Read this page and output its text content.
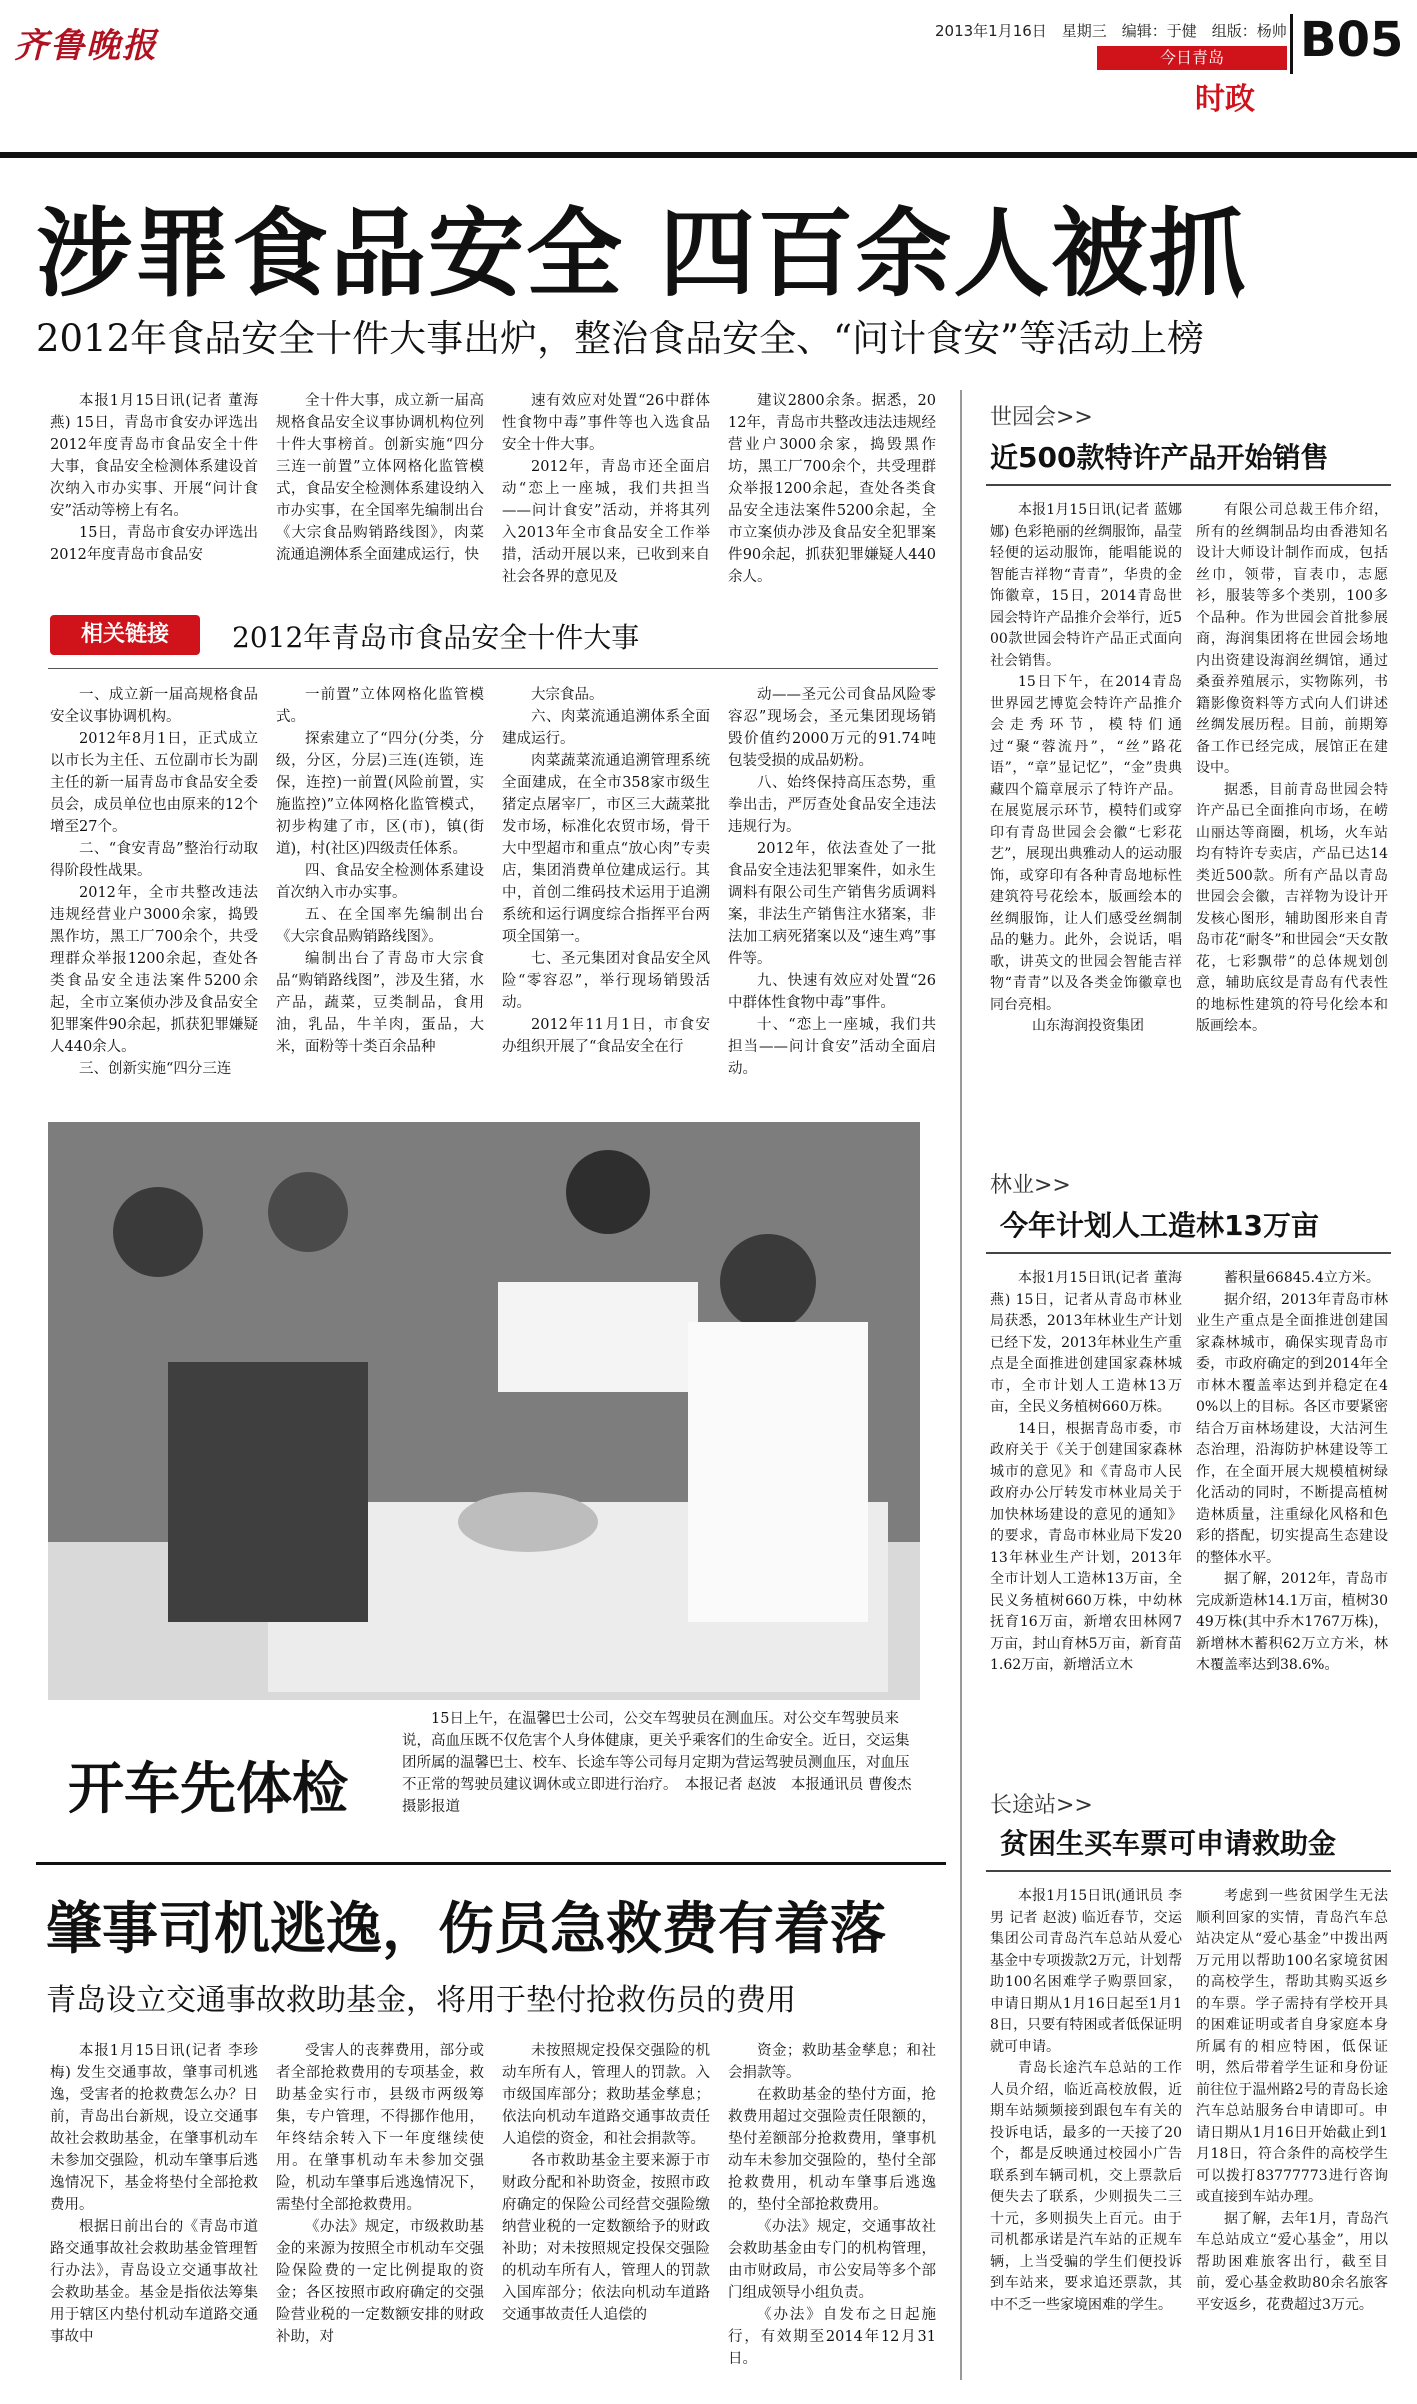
齐鲁晚报	2013年1月16日　星期三　编辑：于健　组版：杨帅
今日青岛
时政
B05
涉罪食品安全 四百余人被抓
2012年食品安全十件大事出炉，整治食品安全、“问计食安”等活动上榜

本报1月15日讯(记者 董海燕) 15日，青岛市食安办评选出2012年度青岛市食品安全十件大事，食品安全检测体系建设首次纳入市办实事、开展“问计食安”活动等榜上有名。

15日，青岛市食安办评选出2012年度青岛市食品安

全十件大事，成立新一届高规格食品安全议事协调机构位列十件大事榜首。创新实施“四分三连一前置”立体网格化监管模式，食品安全检测体系建设纳入市办实事，在全国率先编制出台《大宗食品购销路线图》，肉菜流通追溯体系全面建成运行，快

速有效应对处置“26中群体性食物中毒”事件等也入选食品安全十件大事。

2012年，青岛市还全面启动“恋上一座城，我们共担当——问计食安”活动，并将其列入2013年全市食品安全工作举措，活动开展以来，已收到来自社会各界的意见及

建议2800余条。据悉，2012年，青岛市共整改违法违规经营业户3000余家，捣毁黑作坊，黑工厂700余个，共受理群众举报1200余起，查处各类食品安全违法案件5200余起，全市立案侦办涉及食品安全犯罪案件90余起，抓获犯罪嫌疑人440余人。

相关链接	2012年青岛市食品安全十件大事

一、成立新一届高规格食品安全议事协调机构。

2012年8月1日，正式成立以市长为主任、五位副市长为副主任的新一届青岛市食品安全委员会，成员单位也由原来的12个增至27个。

二、“食安青岛”整治行动取得阶段性战果。

2012年，全市共整改违法违规经营业户3000余家，捣毁黑作坊，黑工厂700余个，共受理群众举报1200余起，查处各类食品安全违法案件5200余起，全市立案侦办涉及食品安全犯罪案件90余起，抓获犯罪嫌疑人440余人。

三、创新实施“四分三连

一前置”立体网格化监管模式。

探索建立了“四分(分类，分级，分区，分层)三连(连锁，连保，连控)一前置(风险前置，实施监控)”立体网格化监管模式，初步构建了市，区(市)，镇(街道)，村(社区)四级责任体系。

四、食品安全检测体系建设首次纳入市办实事。

五、在全国率先编制出台《大宗食品购销路线图》。

编制出台了青岛市大宗食品“购销路线图”，涉及生猪，水产品，蔬菜，豆类制品，食用油，乳品，牛羊肉，蛋品，大米，面粉等十类百余品种

大宗食品。

六、肉菜流通追溯体系全面建成运行。

肉菜蔬菜流通追溯管理系统全面建成，在全市358家市级生猪定点屠宰厂，市区三大蔬菜批发市场，标准化农贸市场，骨干大中型超市和重点“放心肉”专卖店，集团消费单位建成运行。其中，首创二维码技术运用于追溯系统和运行调度综合指挥平台两项全国第一。

七、圣元集团对食品安全风险“零容忍”，举行现场销毁活动。

2012年11月1日，市食安办组织开展了“食品安全在行

动——圣元公司食品风险零容忍”现场会，圣元集团现场销毁价值约2000万元的91.74吨包装受损的成品奶粉。

八、始终保持高压态势，重拳出击，严厉查处食品安全违法违规行为。

2012年，依法查处了一批食品安全违法犯罪案件，如永生调料有限公司生产销售劣质调料案，非法生产销售注水猪案，非法加工病死猪案以及“速生鸡”事件等。

九、快速有效应对处置“26中群体性食物中毒”事件。

十、“恋上一座城，我们共担当——问计食安”活动全面启动。

开车先体检
15日上午，在温馨巴士公司，公交车驾驶员在测血压。对公交车驾驶员来说，高血压既不仅危害个人身体健康，更关乎乘客们的生命安全。近日，交运集团所属的温馨巴士、校车、长途车等公司每月定期为营运驾驶员测血压，对血压不正常的驾驶员建议调休或立即进行治疗。　本报记者 赵波　本报通讯员 曹俊杰　摄影报道
肇事司机逃逸，伤员急救费有着落
青岛设立交通事故救助基金，将用于垫付抢救伤员的费用

本报1月15日讯(记者 李珍梅) 发生交通事故，肇事司机逃逸，受害者的抢救费怎么办？日前，青岛出台新规，设立交通事故社会救助基金，在肇事机动车未参加交强险，机动车肇事后逃逸情况下，基金将垫付全部抢救费用。

根据日前出台的《青岛市道路交通事故社会救助基金管理暂行办法》，青岛设立交通事故社会救助基金。基金是指依法筹集用于辖区内垫付机动车道路交通事故中

受害人的丧葬费用，部分或者全部抢救费用的专项基金，救助基金实行市，县级市两级筹集，专户管理，不得挪作他用，年终结余转入下一年度继续使用。在肇事机动车未参加交强险，机动车肇事后逃逸情况下，需垫付全部抢救费用。

《办法》规定，市级救助基金的来源为按照全市机动车交强险保险费的一定比例提取的资金；各区按照市政府确定的交强险营业税的一定数额安排的财政补助，对

未按照规定投保交强险的机动车所有人，管理人的罚款。入市级国库部分；救助基金孳息；依法向机动车道路交通事故责任人追偿的资金，和社会捐款等。

各市救助基金主要来源于市财政分配和补助资金，按照市政府确定的保险公司经营交强险缴纳营业税的一定数额给予的财政补助；对未按照规定投保交强险的机动车所有人，管理人的罚款入国库部分；依法向机动车道路交通事故责任人追偿的

资金；救助基金孳息；和社会捐款等。

在救助基金的垫付方面，抢救费用超过交强险责任限额的，垫付差额部分抢救费用，肇事机动车未参加交强险的，垫付全部抢救费用，机动车肇事后逃逸的，垫付全部抢救费用。

《办法》规定，交通事故社会救助基金由专门的机构管理，由市财政局，市公安局等多个部门组成领导小组负责。

《办法》自发布之日起施行，有效期至2014年12月31日。

世园会>>
近500款特许产品开始销售

本报1月15日讯(记者 蓝娜娜) 色彩艳丽的丝绸服饰，晶莹轻便的运动服饰，能唱能说的智能吉祥物“青青”，华贵的金饰徽章，15日，2014青岛世园会特许产品推介会举行，近500款世园会特许产品正式面向社会销售。

15日下午，在2014青岛世界园艺博览会特许产品推介会走秀环节，模特们通过“聚“蓉流丹”，“丝”路花语”，“章”显记忆”，“金”贵典藏四个篇章展示了特许产品。在展览展示环节，模特们或穿印有青岛世园会会徽“七彩花艺”，展现出典雅动人的运动服饰，或穿印有各种青岛地标性建筑符号花绘本，版画绘本的丝绸服饰，让人们感受丝绸制品的魅力。此外，会说话，唱歌，讲英文的世园会智能吉祥物“青青”以及各类金饰徽章也同台亮相。

　山东海润投资集团

有限公司总裁王伟介绍，所有的丝绸制品均由香港知名设计大师设计制作而成，包括丝巾，领带，盲表巾，志愿衫，服装等多个类别，100多个品种。作为世园会首批参展商，海润集团将在世园会场地内出资建设海润丝绸馆，通过桑蚕养殖展示，实物陈列，书籍影像资料等方式向人们讲述丝绸发展历程。目前，前期筹备工作已经完成，展馆正在建设中。

据悉，目前青岛世园会特许产品已全面推向市场，在崂山丽达等商圈，机场，火车站均有特许专卖店，产品已达14类近500款。所有产品以青岛世园会会徽，吉祥物为设计开发核心图形，辅助图形来自青岛市花“耐冬”和世园会“天女散花，七彩飘带”的总体规划创意，辅助底纹是青岛有代表性的地标性建筑的符号化绘本和版画绘本。

林业>>
今年计划人工造林13万亩

本报1月15日讯(记者 董海燕) 15日，记者从青岛市林业局获悉，2013年林业生产计划已经下发，2013年林业生产重点是全面推进创建国家森林城市，全市计划人工造林13万亩，全民义务植树660万株。

14日，根据青岛市委，市政府关于《关于创建国家森林城市的意见》和《青岛市人民政府办公厅转发市林业局关于加快林场建设的意见的通知》的要求，青岛市林业局下发2013年林业生产计划，2013年全市计划人工造林13万亩，全民义务植树660万株，中幼林抚育16万亩，新增农田林网7万亩，封山育林5万亩，新育苗1.62万亩，新增活立木

蓄积量66845.4立方米。

据介绍，2013年青岛市林业生产重点是全面推进创建国家森林城市，确保实现青岛市委，市政府确定的到2014年全市林木覆盖率达到并稳定在40%以上的目标。各区市要紧密结合万亩林场建设，大沽河生态治理，沿海防护林建设等工作，在全面开展大规模植树绿化活动的同时，不断提高植树造林质量，注重绿化风格和色彩的搭配，切实提高生态建设的整体水平。

据了解，2012年，青岛市完成新造林14.1万亩，植树3049万株(其中乔木1767万株)，新增林木蓄积62万立方米，林木覆盖率达到38.6%。

长途站>>
贫困生买车票可申请救助金

本报1月15日讯(通讯员 李男 记者 赵波) 临近春节，交运集团公司青岛汽车总站从爱心基金中专项拨款2万元，计划帮助100名困难学子购票回家，申请日期从1月16日起至1月18日，只要有特困或者低保证明就可申请。

青岛长途汽车总站的工作人员介绍，临近高校放假，近期车站频频接到跟包车有关的投诉电话，最多的一天接了20个，都是反映通过校园小广告联系到车辆司机，交上票款后便失去了联系，少则损失二三十元，多则损失上百元。由于司机都承诺是汽车站的正规车辆，上当受骗的学生们便投诉到车站来，要求追还票款，其中不乏一些家境困难的学生。

考虑到一些贫困学生无法顺利回家的实情，青岛汽车总站决定从“爱心基金”中拨出两万元用以帮助100名家境贫困的高校学生，帮助其购买返乡的车票。学子需持有学校开具的困难证明或者自身家庭本身所属有的相应特困，低保证明，然后带着学生证和身份证前往位于温州路2号的青岛长途汽车总站服务台申请即可。申请日期从1月16日开始截止到1月18日，符合条件的高校学生可以拨打83777773进行咨询或直接到车站办理。

据了解，去年1月，青岛汽车总站成立“爱心基金”，用以帮助困难旅客出行，截至目前，爱心基金救助80余名旅客平安返乡，花费超过3万元。
